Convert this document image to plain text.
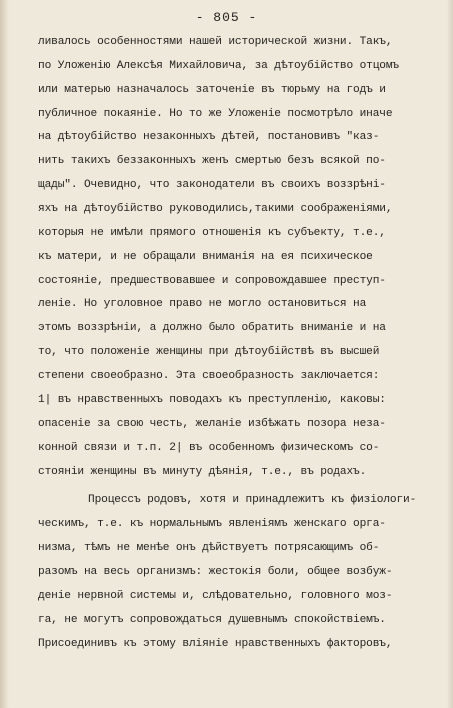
- 805 -
ливалось особенностями нашей исторической жизни. Такъ,
по Уложенію Алексѣя Михайловича, за дѣтоубійство отцомъ
или матерью назначалось заточеніе въ тюрьму на годъ и
публичное покаяніе. Но то же Уложеніе посмотрѣло иначе
на дѣтоубійство незаконныхъ дѣтей, постановивъ "каз-
нить такихъ беззаконныхъ женъ смертью безъ всякой по-
щады". Очевидно, что законодатели въ своихъ воззрѣні-
яхъ на дѣтоубійство руководились,такими соображеніями,
которыя не имѣли прямого отношенія къ субъекту, т.е.,
къ матери, и не обращали вниманія на ея психическое
состояніе, предшествовавшее и сопровождавшее преступ-
леніе. Но уголовное право не могло остановиться на
этомъ воззрѣніи, а должно было обратить вниманіе и на
то, что положеніе женщины при дѣтоубійствѣ въ высшей
степени своеобразно. Эта своеобразность заключается:
1| въ нравственныхъ поводахъ къ преступленію, каковы:
опасеніе за свою честь, желаніе избѣжать позора неза-
конной связи и т.п. 2| въ особенномъ физическомъ со-
стояніи женщины въ минуту дѣянія, т.е., въ родахъ.
Процессъ родовъ, хотя и принадлежитъ къ физіологи-
ческимъ, т.е. къ нормальнымъ явленіямъ женскаго орга-
низма, тѣмъ не менѣе онъ дѣйствуетъ потрясающимъ об-
разомъ на весь организмъ: жестокія боли, общее возбуж-
деніе нервной системы и, слѣдовательно, головного моз-
га, не могутъ сопровождаться душевнымъ спокойствіемъ.
Присоединивъ къ этому вліяніе нравственныхъ факторовъ,
